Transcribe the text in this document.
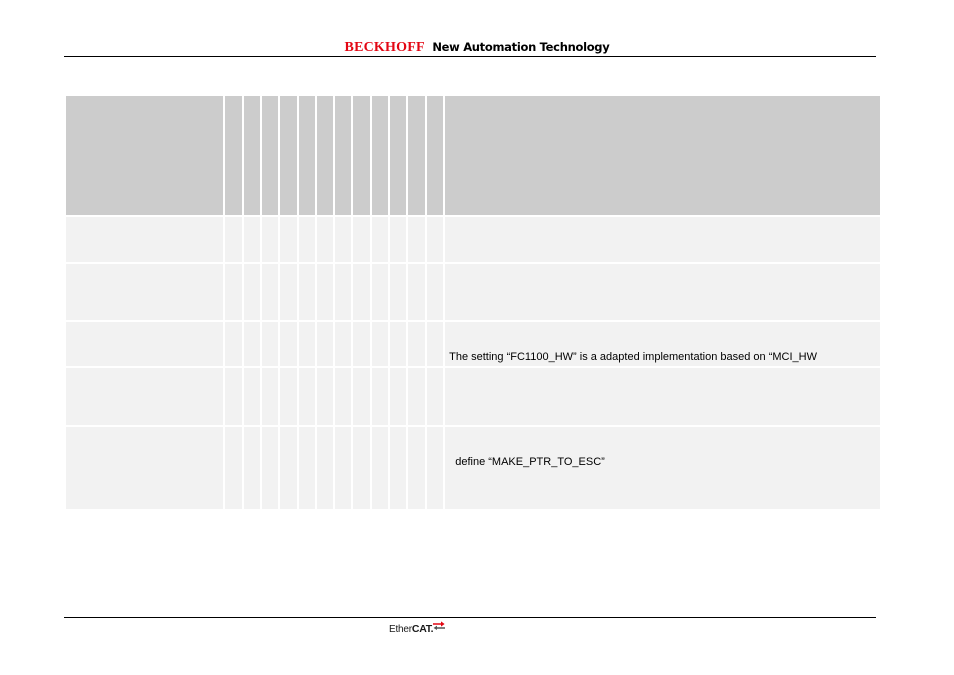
BECKHOFF New Automation Technology

													The setting “FC1100_HW” is a adapted implementation based on “MCI_HW

													define “MAKE_PTR_TO_ESC”
EtherCAT.
